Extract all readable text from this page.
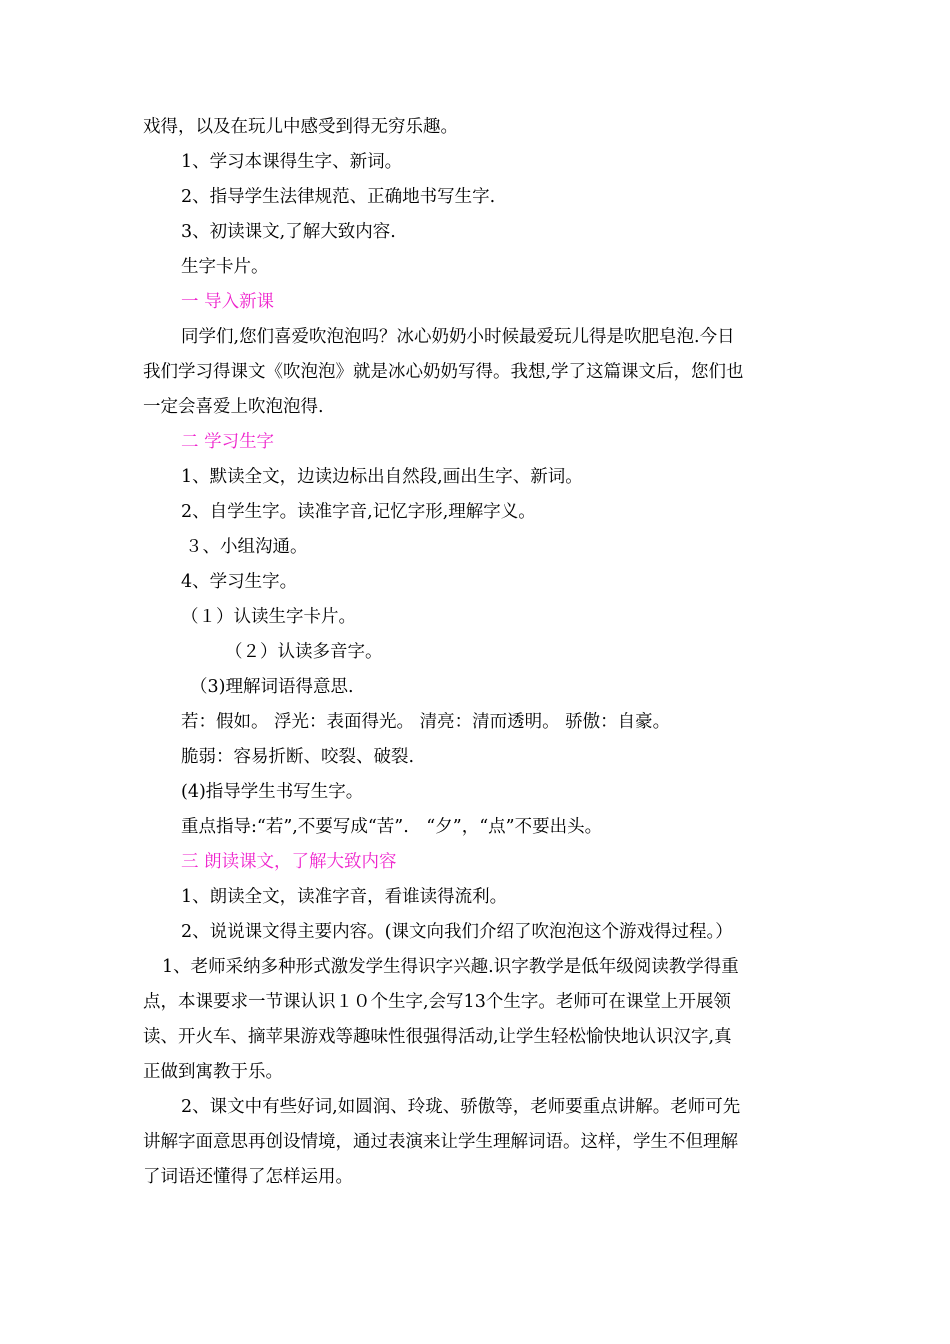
戏得，以及在玩儿中感受到得无穷乐趣。
1、学习本课得生字、新词。
2、指导学生法律规范、正确地书写生字.
3、初读课文,了解大致内容.
生字卡片。
一 导入新课
同学们,您们喜爱吹泡泡吗？冰心奶奶小时候最爱玩儿得是吹肥皂泡.今日
我们学习得课文《吹泡泡》就是冰心奶奶写得。我想,学了这篇课文后，您们也
一定会喜爱上吹泡泡得.
二 学习生字
1、默读全文，边读边标出自然段,画出生字、新词。
2、自学生字。读准字音,记忆字形,理解字义。
３、小组沟通。
4、学习生字。
（１）认读生字卡片。
（２）认读多音字。
（3)理解词语得意思.
若：假如。 浮光：表面得光。 清亮：清而透明。 骄傲：自豪。
脆弱：容易折断、咬裂、破裂.
(4)指导学生书写生字。
重点指导:“若”,不要写成“苦”.　“夕”，“点”不要出头。
三 朗读课文，了解大致内容
1、朗读全文，读准字音，看谁读得流利。
2、说说课文得主要内容。(课文向我们介绍了吹泡泡这个游戏得过程。）
1、老师采纳多种形式激发学生得识字兴趣.识字教学是低年级阅读教学得重
点，本课要求一节课认识１０个生字,会写13个生字。老师可在课堂上开展领
读、开火车、摘苹果游戏等趣味性很强得活动,让学生轻松愉快地认识汉字,真
正做到寓教于乐。
2、课文中有些好词,如圆润、玲珑、骄傲等，老师要重点讲解。老师可先
讲解字面意思再创设情境，通过表演来让学生理解词语。这样，学生不但理解
了词语还懂得了怎样运用。
